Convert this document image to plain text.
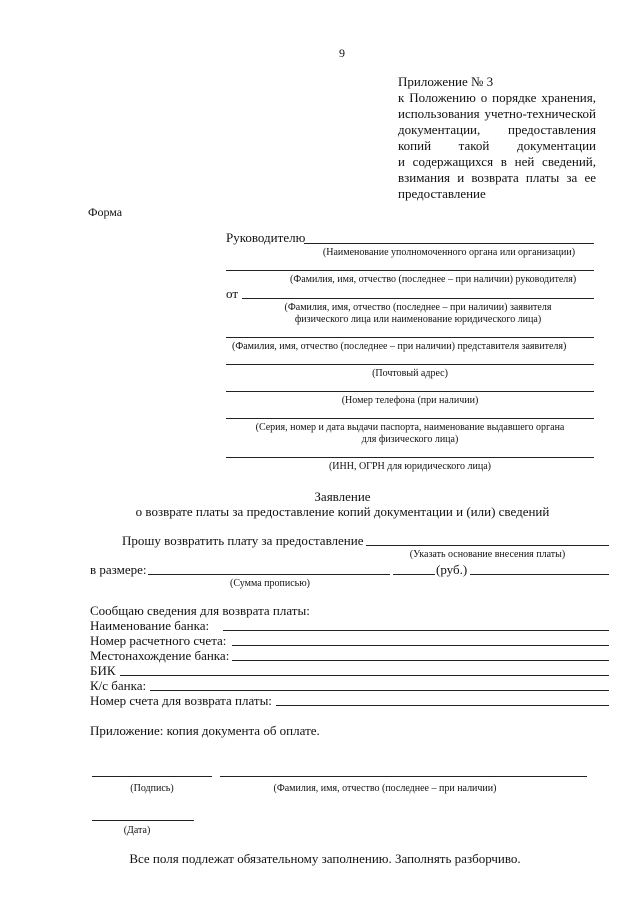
9
Приложение № 3
к Положению о порядке хранения,
использования учетно-технической
документации, предоставления
копий такой документации
и содержащихся в ней сведений,
взимания и возврата платы за ее
предоставление
Форма
Руководителю
(Наименование уполномоченного органа или организации)
(Фамилия, имя, отчество (последнее – при наличии) руководителя)
от
(Фамилия, имя, отчество (последнее – при наличии) заявителя
физического лица или наименование юридического лица)
(Фамилия, имя, отчество (последнее – при наличии) представителя заявителя)
(Почтовый адрес)
(Номер телефона (при наличии)
(Серия, номер и дата выдачи паспорта, наименование выдавшего органа
для физического лица)
(ИНН, ОГРН для юридического лица)
Заявление
о возврате платы за предоставление копий документации и (или) сведений
Прошу возвратить плату за предоставление
(Указать основание внесения платы)
в размере:	(руб.)
(Сумма прописью)
Сообщаю сведения для возврата платы:
Наименование банка:
Номер расчетного счета:
Местонахождение банка:
БИК
К/с банка:
Номер счета для возврата платы:
Приложение: копия документа об оплате.
(Подпись)	(Фамилия, имя, отчество (последнее – при наличии)
(Дата)
Все поля подлежат обязательному заполнению. Заполнять разборчиво.
